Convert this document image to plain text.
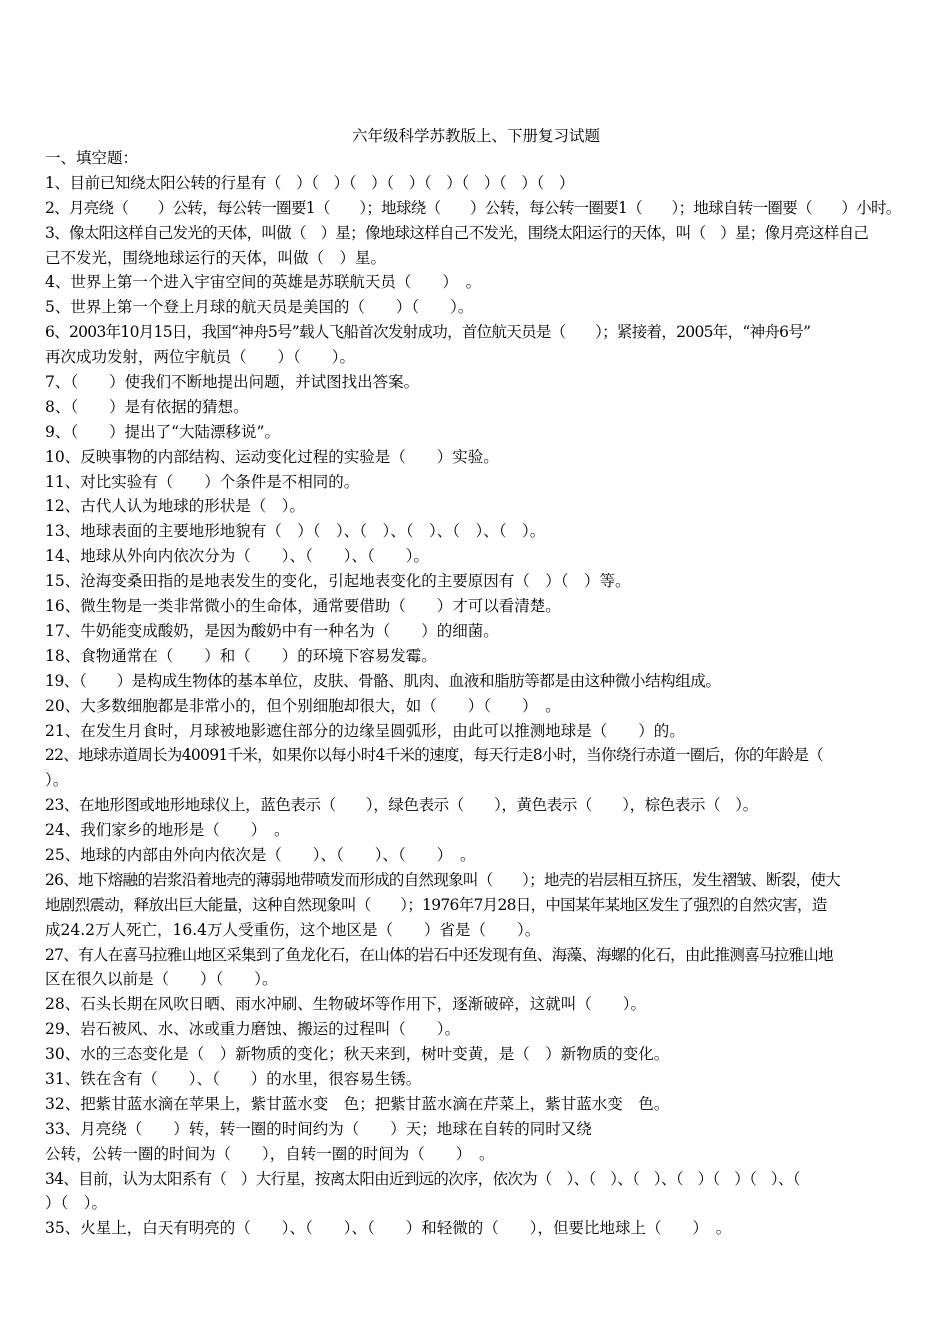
六年级科学苏教版上、下册复习试题
一、填空题：
1、目前已知绕太阳公转的行星有（　）（　）（　）（　）（　）（　）（　）（　）
2、月亮绕（　　）公转，每公转一圈要1（　　）；地球绕（　　）公转，每公转一圈要1（　　）；地球自转一圈要（　　）小时。
3、像太阳这样自己发光的天体，叫做（　）星；像地球这样自己不发光，围绕太阳运行的天体，叫（　）星；像月亮这样自己
己不发光，围绕地球运行的天体，叫做（　）星。
4、世界上第一个进入宇宙空间的英雄是苏联航天员（　　）　。
5、世界上第一个登上月球的航天员是美国的（　　）（　　）。
6、2003年10月15日，我国“神舟5号”载人飞船首次发射成功，首位航天员是（　　）；紧接着，2005年，“神舟6号”
再次成功发射，两位宇航员（　　）（　　）。
7、（　　）使我们不断地提出问题，并试图找出答案。
8、（　　）是有依据的猜想。
9、（　　）提出了“大陆漂移说”。
10、反映事物的内部结构、运动变化过程的实验是（　　）实验。
11、对比实验有（　　）个条件是不相同的。
12、古代人认为地球的形状是（　）。
13、地球表面的主要地形地貌有（　）（　）、（　）、（　）、（　）、（　）。
14、地球从外向内依次分为（　　）、（　　）、（　　）。
15、沧海变桑田指的是地表发生的变化，引起地表变化的主要原因有（　）（　）等。
16、微生物是一类非常微小的生命体，通常要借助（　　）才可以看清楚。
17、牛奶能变成酸奶，是因为酸奶中有一种名为（　　）的细菌。
18、食物通常在（　　）和（　　）的环境下容易发霉。
19、（　　）是构成生物体的基本单位，皮肤、骨骼、肌肉、血液和脂肪等都是由这种微小结构组成。
20、大多数细胞都是非常小的，但个别细胞却很大，如（　　）（　　）　。
21、在发生月食时，月球被地影遮住部分的边缘呈圆弧形，由此可以推测地球是（　　）的。
22、地球赤道周长为40091千米，如果你以每小时4千米的速度，每天行走8小时，当你绕行赤道一圈后，你的年龄是（
）。
23、在地形图或地形地球仪上，蓝色表示（　　），绿色表示（　　），黄色表示（　　），棕色表示（　）。
24、我们家乡的地形是（　　）　。
25、地球的内部由外向内依次是（　　）、（　　）、（　　）　。
26、地下熔融的岩浆沿着地壳的薄弱地带喷发而形成的自然现象叫（　　）；地壳的岩层相互挤压，发生褶皱、断裂，使大
地剧烈震动，释放出巨大能量，这种自然现象叫（　　）；1976年7月28日，中国某年某地区发生了强烈的自然灾害，造
成24.2万人死亡，16.4万人受重伤，这个地区是（　　）省是（　　）。
27、有人在喜马拉雅山地区采集到了鱼龙化石，在山体的岩石中还发现有鱼、海藻、海螺的化石，由此推测喜马拉雅山地
区在很久以前是（　　）（　　）。
28、石头长期在风吹日晒、雨水冲刷、生物破坏等作用下，逐渐破碎，这就叫（　　）。
29、岩石被风、水、冰或重力磨蚀、搬运的过程叫（　　）。
30、水的三态变化是（　）新物质的变化；秋天来到，树叶变黄，是（　）新物质的变化。
31、铁在含有（　　）、（　　）的水里，很容易生锈。
32、把紫甘蓝水滴在苹果上，紫甘蓝水变　色；把紫甘蓝水滴在芹菜上，紫甘蓝水变　色。
33、月亮绕（　　）转，转一圈的时间约为（　　）天；地球在自转的同时又绕
公转，公转一圈的时间为（　　），自转一圈的时间为（　　）　。
34、目前，认为太阳系有（　）大行星，按离太阳由近到远的次序，依次为（　）、（　）、（　）、（　）（　）（　）、（
）（　）。
35、火星上，白天有明亮的（　　）、（　　）、（　　）和轻微的（　　），但要比地球上（　　）　。
